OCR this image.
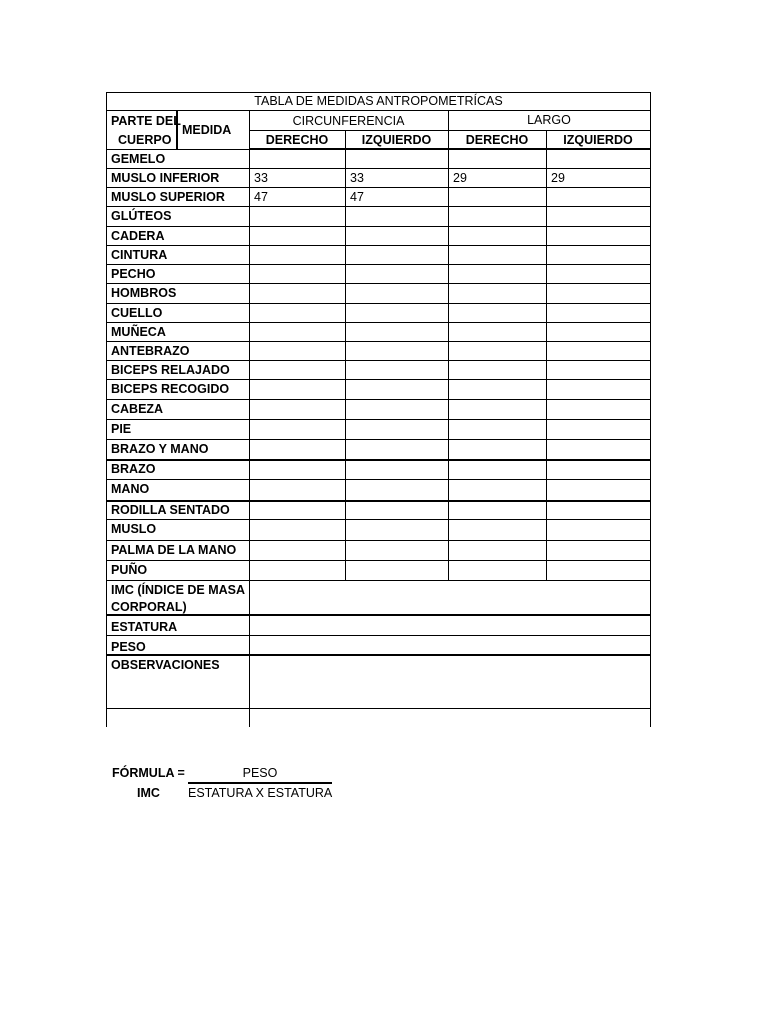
TABLA DE MEDIDAS ANTROPOMETRÍCAS
PARTE DEL
CUERPO
MEDIDA
CIRCUNFERENCIA	LARGO
DERECHO	IZQUIERDO	DERECHO	IZQUIERDO
GEMELO
MUSLO INFERIOR	33	33	29	29
MUSLO SUPERIOR 47	47
GLÚTEOS
CADERA
CINTURA
PECHO
HOMBROS
CUELLO
MUÑECA
ANTEBRAZO
BICEPS RELAJADO
BICEPS RECOGIDO
CABEZA
PIE
BRAZO Y MANO
BRAZO
MANO
RODILLA SENTADO
MUSLO
PALMA DE LA MANO
PUÑO
IMC (ÍNDICE DE MASA
CORPORAL)
ESTATURA
PESO
OBSERVACIONES
FÓRMULA =
IMC
PESO
ESTATURA X ESTATURA
